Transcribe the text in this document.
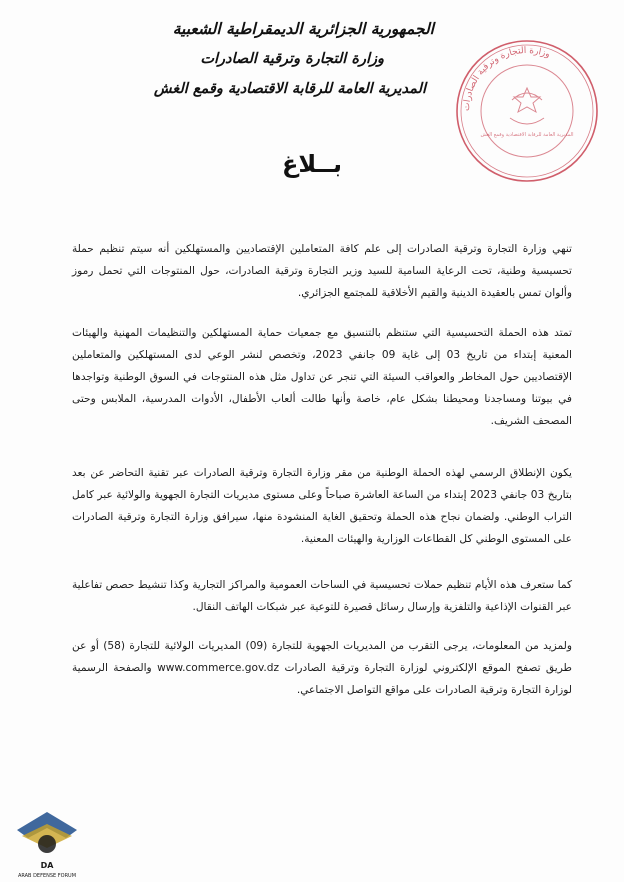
الجمهورية الجزائرية الديمقراطية الشعبية
وزارة التجارة وترقية الصادرات
المديرية العامة للرقابة الاقتصادية وقمع الغش
وزارة التجارة وترقية الصادرات
المديرية العامة للرقابة الاقتصادية وقمع الغش
بــلاغ

تنهي وزارة التجارة وترقية الصادرات إلى علم كافة المتعاملين الإقتصاديين والمستهلكين أنه سيتم تنظيم حملة تحسيسية وطنية، تحت الرعاية السامية للسيد وزير التجارة وترقية الصادرات، حول المنتوجات التي تحمل رموز وألوان تمس بالعقيدة الدينية والقيم الأخلاقية للمجتمع الجزائري.

تمتد هذه الحملة التحسيسية التي ستنظم بالتنسيق مع جمعيات حماية المستهلكين والتنظيمات المهنية والهيئات المعنية إبتداء من تاريخ 03 إلى غاية 09 جانفي 2023، وتخصص لنشر الوعي لدى المستهلكين والمتعاملين الإقتصاديين حول المخاطر والعواقب السيئة التي تنجر عن تداول مثل هذه المنتوجات في السوق الوطنية وتواجدها في بيوتنا ومساجدنا ومحيطنا بشكل عام، خاصة وأنها طالت ألعاب الأطفال، الأدوات المدرسية، الملابس وحتى المصحف الشريف.

يكون الإنطلاق الرسمي لهذه الحملة الوطنية من مقر وزارة التجارة وترقية الصادرات عبر تقنية التحاضر عن بعد بتاريخ 03 جانفي 2023 إبتداء من الساعة العاشرة صباحاً وعلى مستوى مديريات التجارة الجهوية والولائية عبر كامل التراب الوطني. ولضمان نجاح هذه الحملة وتحقيق الغاية المنشودة منها، سيرافق وزارة التجارة وترقية الصادرات على المستوى الوطني كل القطاعات الوزارية والهيئات المعنية.

كما ستعرف هذه الأيام تنظيم حملات تحسيسية في الساحات العمومية والمراكز التجارية وكذا تنشيط حصص تفاعلية عبر القنوات الإذاعية والتلفزية وإرسال رسائل قصيرة للتوعية عبر شبكات الهاتف النقال.

ولمزيد من المعلومات، يرجى التقرب من المديريات الجهوية للتجارة (09) المديريات الولائية للتجارة (58) أو عن طريق تصفح الموقع الإلكتروني لوزارة التجارة وترقية الصادرات www.commerce.gov.dz والصفحة الرسمية لوزارة التجارة وترقية الصادرات على مواقع التواصل الاجتماعي.

DA
ARAB DEFENSE FORUM
